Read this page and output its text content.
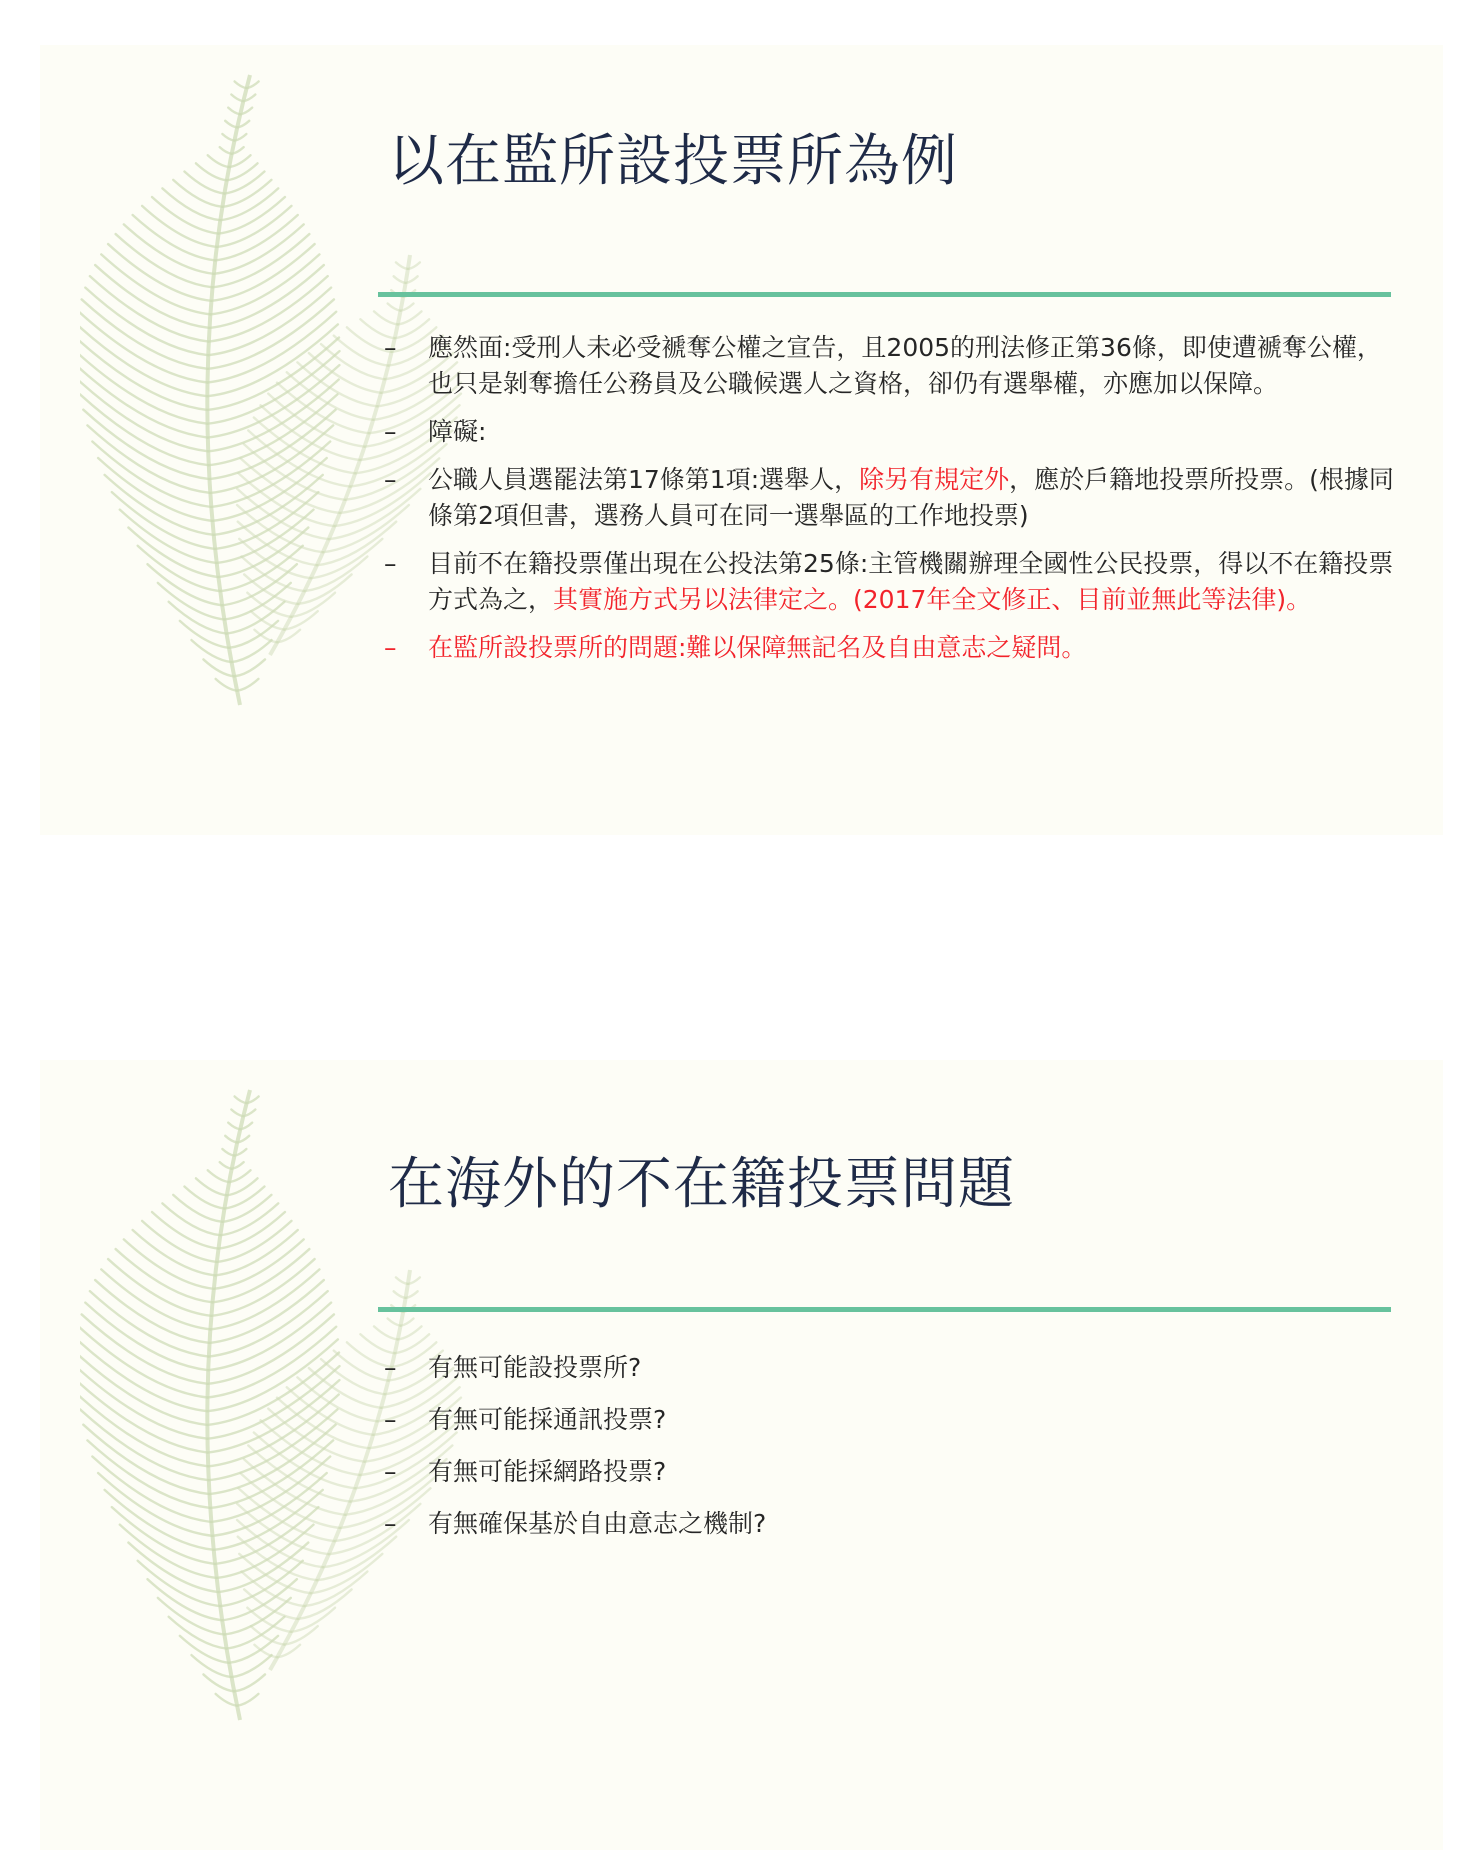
以在監所設投票所為例
–	應然面:受刑人未必受褫奪公權之宣告，且2005的刑法修正第36條，即使遭褫奪公權，也只是剝奪擔任公務員及公職候選人之資格，卻仍有選舉權，亦應加以保障。
–	障礙:
–	公職人員選罷法第17條第1項:選舉人，除另有規定外，應於戶籍地投票所投票。(根據同條第2項但書，選務人員可在同一選舉區的工作地投票)
–	目前不在籍投票僅出現在公投法第25條:主管機關辦理全國性公民投票，得以不在籍投票方式為之，其實施方式另以法律定之。(2017年全文修正、目前並無此等法律)。
–	在監所設投票所的問題:難以保障無記名及自由意志之疑問。
在海外的不在籍投票問題
–	有無可能設投票所?
–	有無可能採通訊投票?
–	有無可能採網路投票?
–	有無確保基於自由意志之機制?
